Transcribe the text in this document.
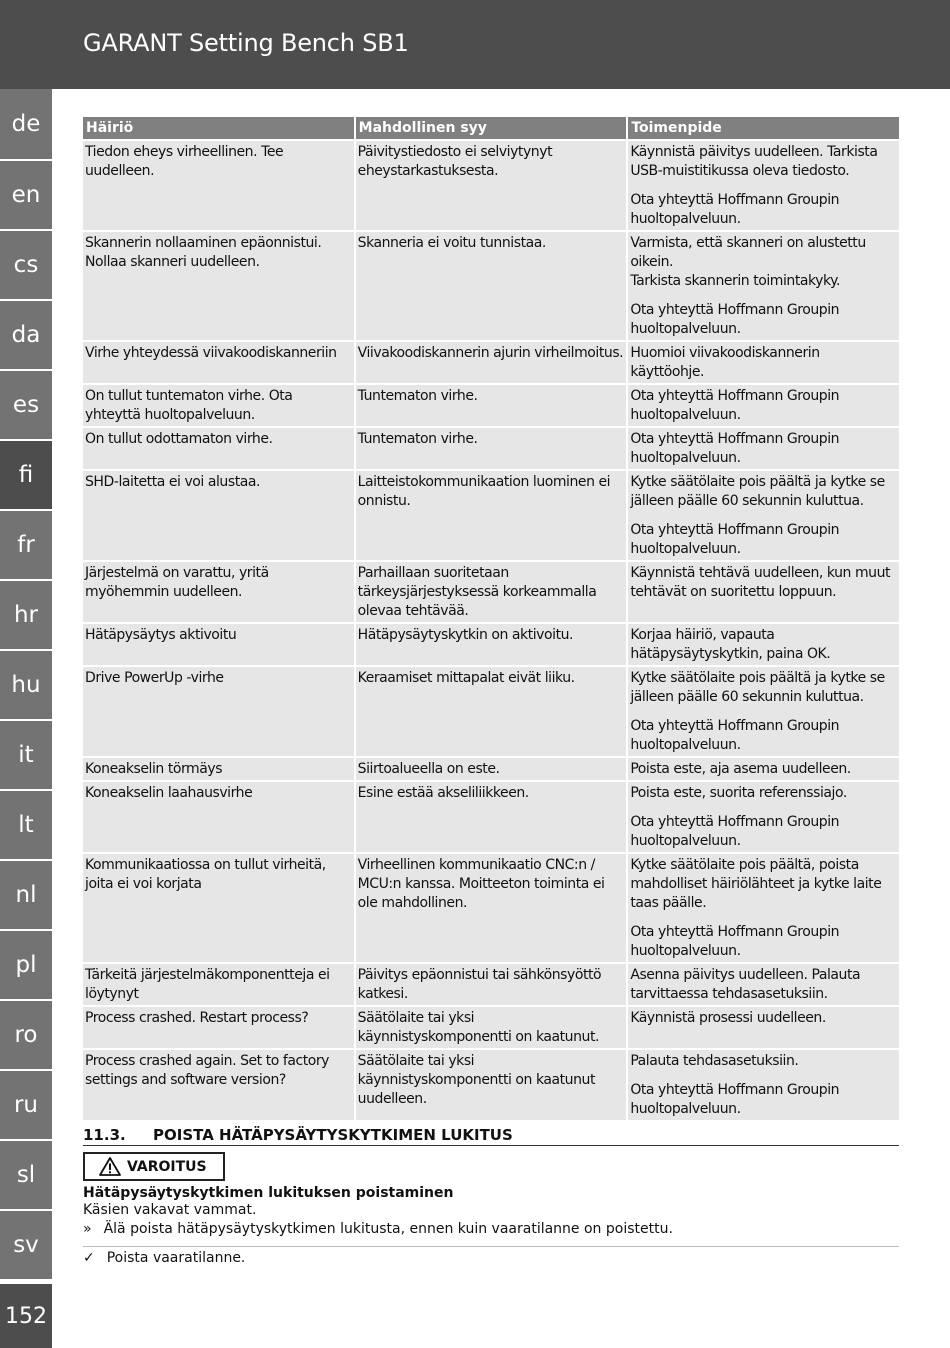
GARANT Setting Bench SB1
de
en
cs
da
es
fi
fr
hr
hu
it
lt
nl
pl
ro
ru
sl
sv
152
Häiriö	Mahdollinen syy	Toimenpide

Tiedon eheys virheellinen. Tee uudelleen.	Päivitystiedosto ei selviytynyt eheystarkastuksesta.	Käynnistä päivitys uudelleen. Tarkista USB-muistitikussa oleva tiedosto.

Ota yhteyttä Hoffmann Groupin huoltopalveluun.

Skannerin nollaaminen epäonnistui. Nollaa skanneri uudelleen.	Skanneria ei voitu tunnistaa.	Varmista, että skanneri on alustettu oikein.
Tarkista skannerin toimintakyky.

Ota yhteyttä Hoffmann Groupin huoltopalveluun.

Virhe yhteydessä viivakoodiskanneriin	Viivakoodiskannerin ajurin virheilmoitus.	Huomioi viivakoodiskannerin käyttöohje.

On tullut tuntematon virhe. Ota yhteyttä huoltopalveluun.	Tuntematon virhe.	Ota yhteyttä Hoffmann Groupin huoltopalveluun.

On tullut odottamaton virhe.	Tuntematon virhe.	Ota yhteyttä Hoffmann Groupin huoltopalveluun.

SHD-laitetta ei voi alustaa.	Laitteistokommunikaation luominen ei onnistu.	Kytke säätölaite pois päältä ja kytke se jälleen päälle 60 sekunnin kuluttua.

Ota yhteyttä Hoffmann Groupin huoltopalveluun.

Järjestelmä on varattu, yritä myöhemmin uudelleen.	Parhaillaan suoritetaan tärkeysjärjestyksessä korkeammalla olevaa tehtävää.	Käynnistä tehtävä uudelleen, kun muut tehtävät on suoritettu loppuun.

Hätäpysäytys aktivoitu	Hätäpysäytyskytkin on aktivoitu.	Korjaa häiriö, vapauta hätäpysäytyskytkin, paina OK.

Drive PowerUp -virhe	Keraamiset mittapalat eivät liiku.	Kytke säätölaite pois päältä ja kytke se jälleen päälle 60 sekunnin kuluttua.

Ota yhteyttä Hoffmann Groupin huoltopalveluun.

Koneakselin törmäys	Siirtoalueella on este.	Poista este, aja asema uudelleen.

Koneakselin laahausvirhe	Esine estää akseliliikkeen.	Poista este, suorita referenssiajo.

Ota yhteyttä Hoffmann Groupin huoltopalveluun.

Kommunikaatiossa on tullut virheitä, joita ei voi korjata	Virheellinen kommunikaatio CNC:n / MCU:n kanssa. Moitteeton toiminta ei ole mahdollinen.	Kytke säätölaite pois päältä, poista mahdolliset häiriölähteet ja kytke laite taas päälle.

Ota yhteyttä Hoffmann Groupin huoltopalveluun.

Tärkeitä järjestelmäkomponentteja ei löytynyt	Päivitys epäonnistui tai sähkönsyöttö katkesi.	Asenna päivitys uudelleen. Palauta tarvittaessa tehdasasetuksiin.

Process crashed. Restart process?	Säätölaite tai yksi käynnistyskomponentti on kaatunut.	Käynnistä prosessi uudelleen.

Process crashed again. Set to factory settings and software version?	Säätölaite tai yksi käynnistyskomponentti on kaatunut uudelleen.	Palauta tehdasasetuksiin.

Ota yhteyttä Hoffmann Groupin huoltopalveluun.

11.3. POISTA HÄTÄPYSÄYTYSKYTKIMEN LUKITUS
VAROITUS
Hätäpysäytyskytkimen lukituksen poistaminen
Käsien vakavat vammat.
» Älä poista hätäpysäytyskytkimen lukitusta, ennen kuin vaaratilanne on poistettu.
✓ Poista vaaratilanne.
